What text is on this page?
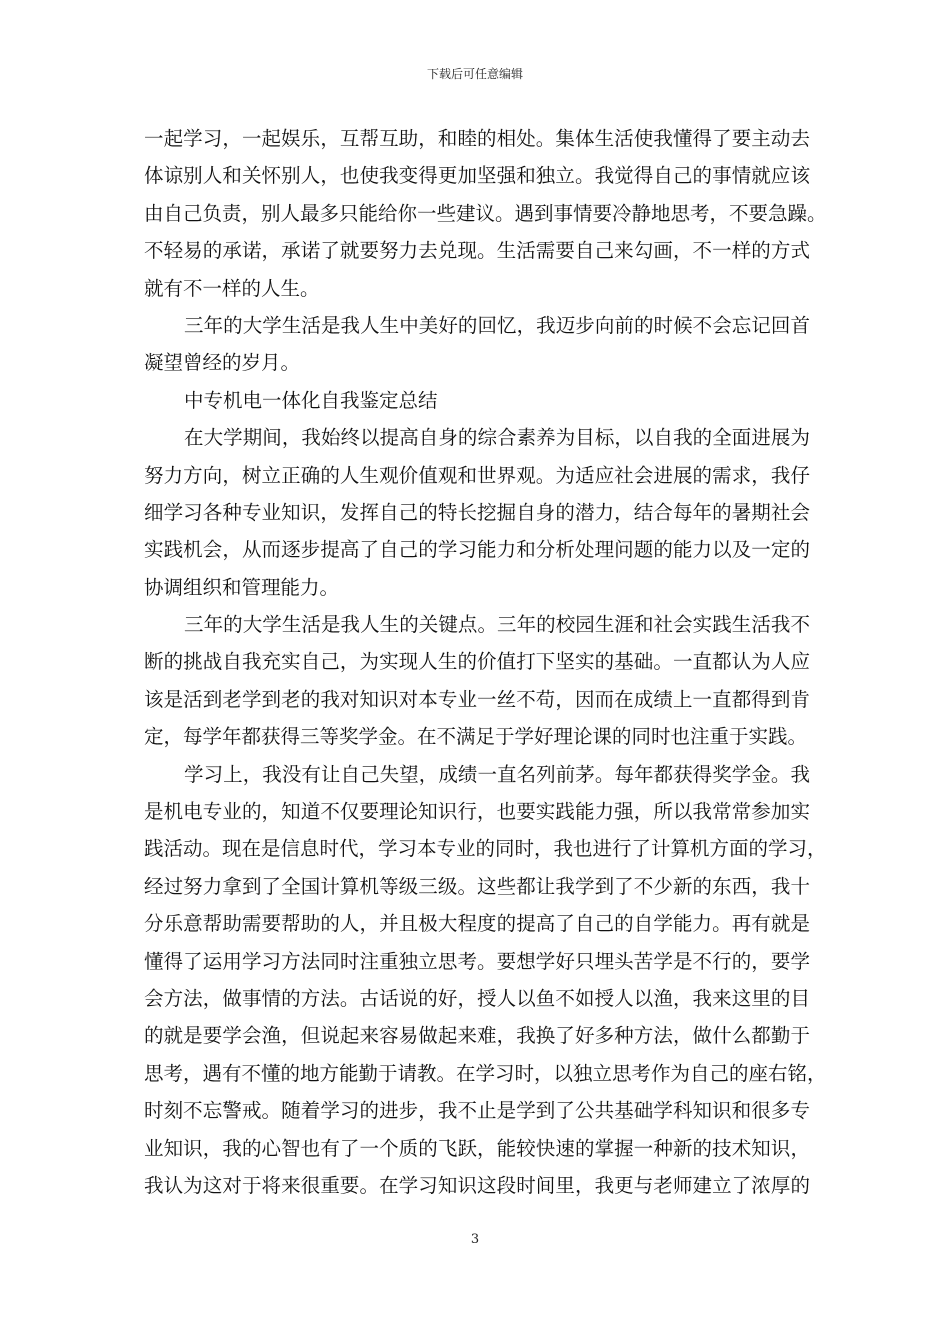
下载后可任意编辑
一起学习，一起娱乐，互帮互助，和睦的相处。集体生活使我懂得了要主动去
体谅别人和关怀别人，也使我变得更加坚强和独立。我觉得自己的事情就应该
由自己负责，别人最多只能给你一些建议。遇到事情要冷静地思考，不要急躁。
不轻易的承诺，承诺了就要努力去兑现。生活需要自己来勾画，不一样的方式
就有不一样的人生。
三年的大学生活是我人生中美好的回忆，我迈步向前的时候不会忘记回首
凝望曾经的岁月。
中专机电一体化自我鉴定总结
在大学期间，我始终以提高自身的综合素养为目标，以自我的全面进展为
努力方向，树立正确的人生观价值观和世界观。为适应社会进展的需求，我仔
细学习各种专业知识，发挥自己的特长挖掘自身的潜力，结合每年的暑期社会
实践机会，从而逐步提高了自己的学习能力和分析处理问题的能力以及一定的
协调组织和管理能力。
三年的大学生活是我人生的关键点。三年的校园生涯和社会实践生活我不
断的挑战自我充实自己，为实现人生的价值打下坚实的基础。一直都认为人应
该是活到老学到老的我对知识对本专业一丝不苟，因而在成绩上一直都得到肯
定，每学年都获得三等奖学金。在不满足于学好理论课的同时也注重于实践。
学习上，我没有让自己失望，成绩一直名列前茅。每年都获得奖学金。我
是机电专业的，知道不仅要理论知识行，也要实践能力强，所以我常常参加实
践活动。现在是信息时代，学习本专业的同时，我也进行了计算机方面的学习，
经过努力拿到了全国计算机等级三级。这些都让我学到了不少新的东西，我十
分乐意帮助需要帮助的人，并且极大程度的提高了自己的自学能力。再有就是
懂得了运用学习方法同时注重独立思考。要想学好只埋头苦学是不行的，要学
会方法，做事情的方法。古话说的好，授人以鱼不如授人以渔，我来这里的目
的就是要学会渔，但说起来容易做起来难，我换了好多种方法，做什么都勤于
思考，遇有不懂的地方能勤于请教。在学习时，以独立思考作为自己的座右铭，
时刻不忘警戒。随着学习的进步，我不止是学到了公共基础学科知识和很多专
业知识，我的心智也有了一个质的飞跃，能较快速的掌握一种新的技术知识，
我认为这对于将来很重要。在学习知识这段时间里，我更与老师建立了浓厚的
3
